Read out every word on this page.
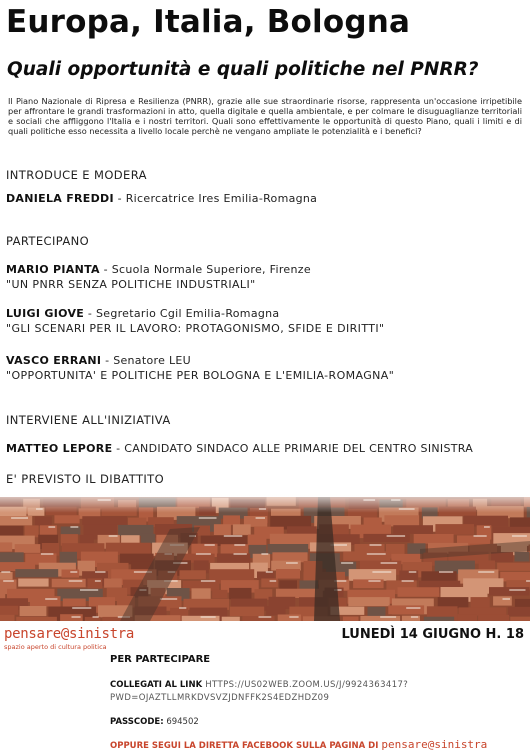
Europa, Italia, Bologna
Quali opportunità e quali politiche nel PNRR?

Il Piano Nazionale di Ripresa e Resilienza (PNRR), grazie alle sue straordinarie risorse, rappresenta un'occasione irripetibile per affrontare le grandi trasformazioni in atto, quella digitale e quella ambientale, e per colmare le disuguaglianze territoriali e sociali che affliggono l'Italia e i nostri territori. Quali sono effettivamente le opportunità di questo Piano, quali i limiti e di quali politiche esso necessita a livello locale perchè ne vengano ampliate le potenzialità e i benefici?

INTRODUCE E MODERA
DANIELA FREDDI - Ricercatrice Ires Emilia-Romagna
PARTECIPANO
MARIO PIANTA - Scuola Normale Superiore, Firenze
"UN PNRR SENZA POLITICHE INDUSTRIALI"
LUIGI GIOVE - Segretario Cgil Emilia-Romagna
"GLI SCENARI PER IL LAVORO: PROTAGONISMO, SFIDE E DIRITTI"
VASCO ERRANI - Senatore LEU
"OPPORTUNITA' E POLITICHE PER BOLOGNA E L'EMILIA-ROMAGNA"
INTERVIENE ALL'INIZIATIVA
MATTEO LEPORE - CANDIDATO SINDACO ALLE PRIMARIE DEL CENTRO SINISTRA
E' PREVISTO IL DIBATTITO
LUNEDÌ 14 GIUGNO H. 18
pensare@sinistra
spazio aperto di cultura politica
PER PARTECIPARE
COLLEGATI AL LINK HTTPS://US02WEB.ZOOM.US/J/9924363417?
PWD=OJAZTLLMRKDVSVZJDNFFK2S4EDZHDZ09
PASSCODE: 694502
OPPURE SEGUI LA DIRETTA FACEBOOK SULLA PAGINA DI pensare@sinistra
